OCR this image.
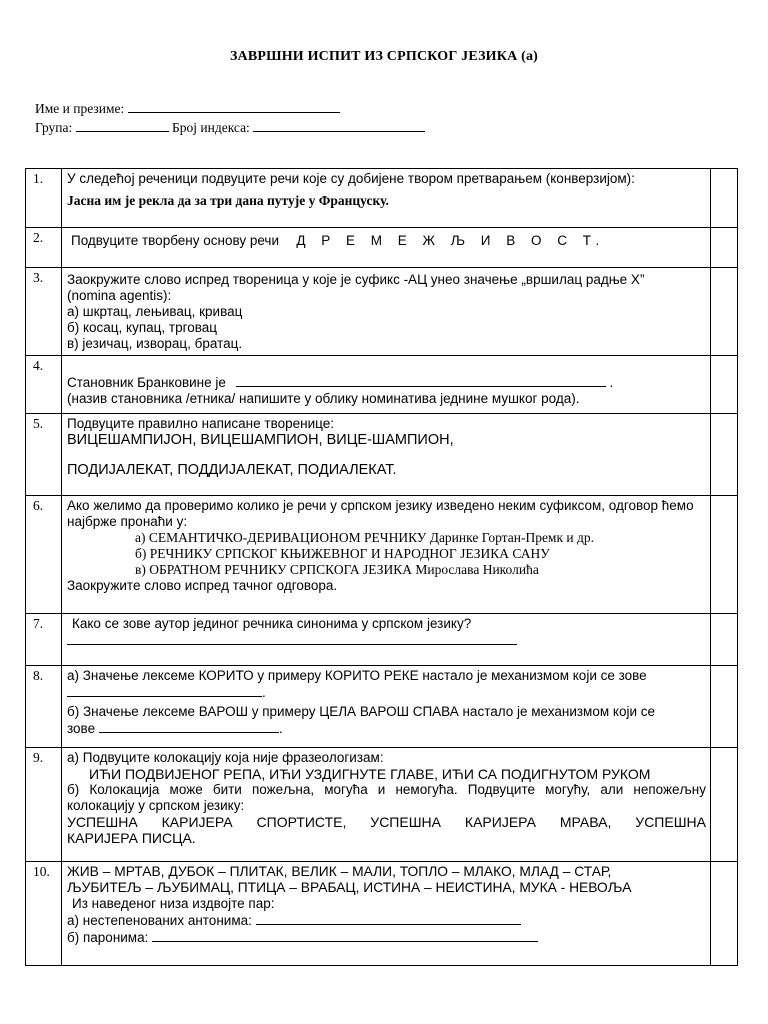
ЗАВРШНИ ИСПИТ ИЗ СРПСКОГ ЈЕЗИКА (а)
Име и презиме:
Група:	Број индекса:
1.	У следећој реченици подвуците речи које су добијене твором претварањем (конверзијом):

Јасна им је рекла да за три дана путује у Француску.	

2.	Подвуците творбену основу речи Д Р Е М Е Ж Љ И В О С Т.	

3.	Заокружите слово испред твореница у које је суфикс -АЦ унео значење „вршилац радње Х”

(nomina agentis):

а) шкртац, лењивац, кривац

б) косац, купац, трговац

в) језичац, изворац, братац.	

4.	Становник Бранковине је .

(назив становника /етника/ напишите у облику номинатива једнине мушког рода).	

5.	Подвуците правилно написане творенице:

ВИЦЕШАМПИЈОН, ВИЦЕШАМПИОН, ВИЦЕ-ШАМПИОН,

ПОДИЈАЛЕКАТ, ПОДДИЈАЛЕКАТ, ПОДИАЛЕКАТ.	

6.	Ако желимо да проверимо колико је речи у српском језику изведено неким суфиксом, одговор ћемо најбрже пронаћи у:

а) СЕМАНТИЧКО-ДЕРИВАЦИОНОМ РЕЧНИКУ Даринке Гортан-Премк и др.

б) РЕЧНИКУ СРПСКОГ КЊИЖЕВНОГ И НАРОДНОГ ЈЕЗИКА САНУ

в) ОБРАТНОМ РЕЧНИКУ СРПСКОГА ЈЕЗИКА Мирослава Николића

Заокружите слово испред тачног одговора.	

7.	Како се зове аутор јединог речника синонима у српском језику?	

8.	а) Значење лексеме КОРИТО у примеру КОРИТО РЕКЕ настало је механизмом који се зове

.

б) Значење лексеме ВАРОШ у примеру ЦЕЛА ВАРОШ СПАВА настало је механизмом који се

зове .	

9.	а) Подвуците колокацију која није фразеологизам:

ИЋИ ПОДВИЈЕНОГ РЕПА, ИЋИ УЗДИГНУТЕ ГЛАВЕ, ИЋИ СА ПОДИГНУТОМ РУКОМ

б) Колокација може бити пожељна, могућа и немогућа. Подвуците могућу, али непожељну колокацију у српском језику:

УСПЕШНА КАРИЈЕРА СПОРТИСТЕ, УСПЕШНА КАРИЈЕРА МРАВА, УСПЕШНА

КАРИЈЕРА ПИСЦА.	

10.	ЖИВ – МРТАВ, ДУБОК – ПЛИТАК, ВЕЛИК – МАЛИ, ТОПЛО – МЛАКО, МЛАД – СТАР,

ЉУБИТЕЉ – ЉУБИМАЦ, ПТИЦА – ВРАБАЦ, ИСТИНА – НЕИСТИНА, МУКА - НЕВОЉА

Из наведеног низа издвојте пар:

а) нестепенованих антонима:

б) паронима:	
